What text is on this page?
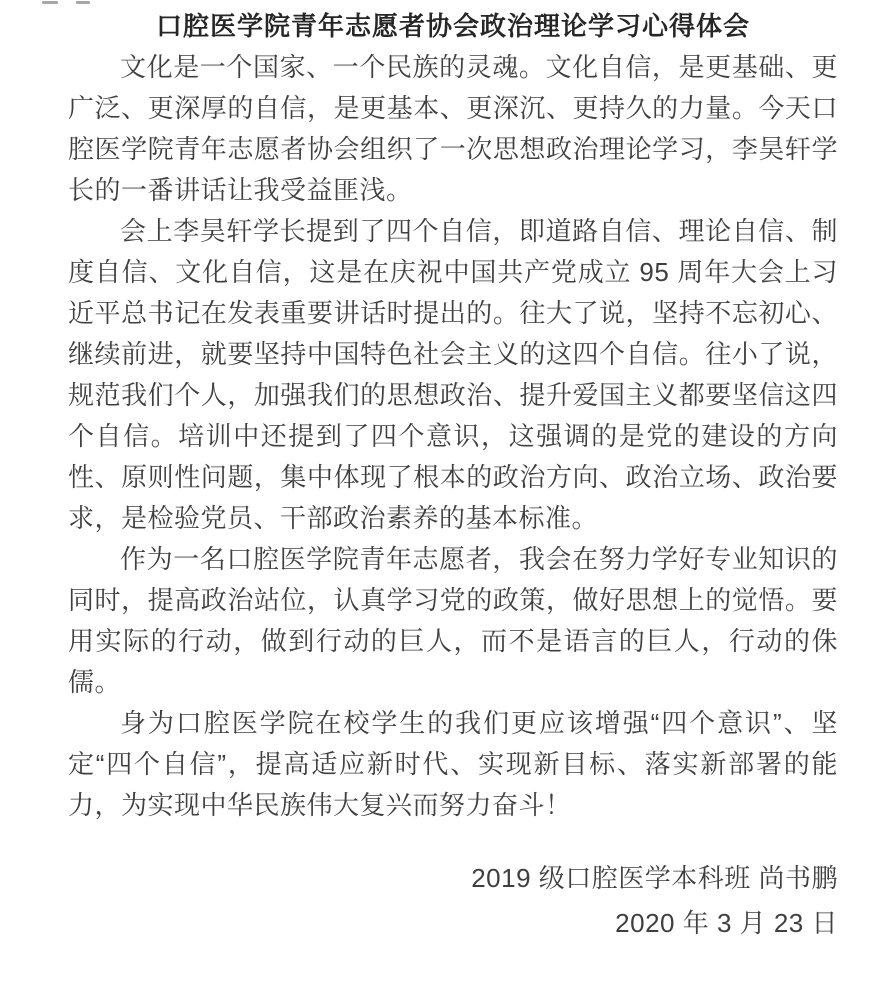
口腔医学院青年志愿者协会政治理论学习心得体会

文化是一个国家、一个民族的灵魂。文化自信，是更基础、更广泛、更深厚的自信，是更基本、更深沉、更持久的力量。今天口腔医学院青年志愿者协会组织了一次思想政治理论学习，李昊轩学长的一番讲话让我受益匪浅。

会上李昊轩学长提到了四个自信，即道路自信、理论自信、制度自信、文化自信，这是在庆祝中国共产党成立 95 周年大会上习近平总书记在发表重要讲话时提出的。往大了说，坚持不忘初心、继续前进，就要坚持中国特色社会主义的这四个自信。往小了说，规范我们个人，加强我们的思想政治、提升爱国主义都要坚信这四个自信。培训中还提到了四个意识，这强调的是党的建设的方向性、原则性问题，集中体现了根本的政治方向、政治立场、政治要求，是检验党员、干部政治素养的基本标准。

作为一名口腔医学院青年志愿者，我会在努力学好专业知识的同时，提高政治站位，认真学习党的政策，做好思想上的觉悟。要用实际的行动，做到行动的巨人，而不是语言的巨人，行动的侏儒。

身为口腔医学院在校学生的我们更应该增强“四个意识”、坚定“四个自信”，提高适应新时代、实现新目标、落实新部署的能力，为实现中华民族伟大复兴而努力奋斗！

2019 级口腔医学本科班 尚书鹏

2020 年 3 月 23 日
